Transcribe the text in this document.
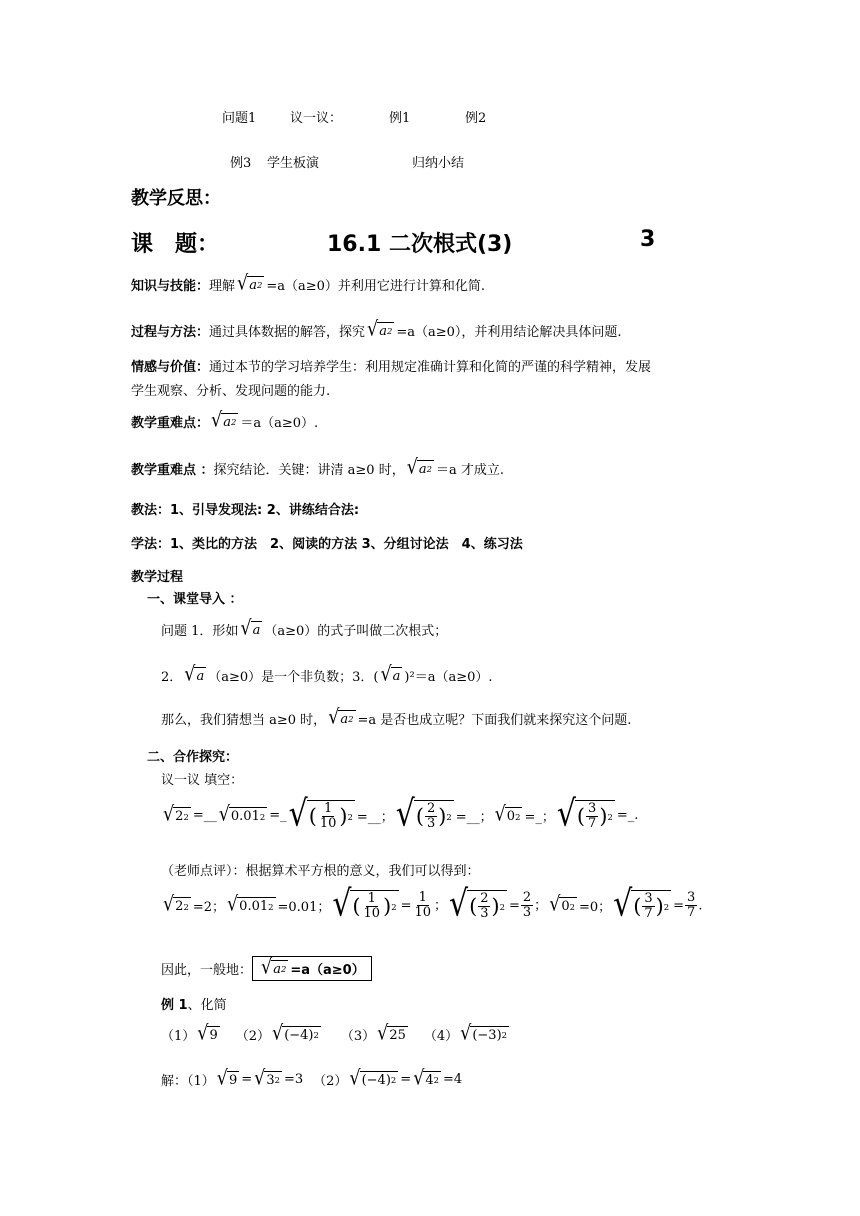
问题1	议一议：	例1	例2
例3 学生板演	归纳小结
教学反思：
课　题：	16.1 二次根式(3)	3
知识与技能： 理解 √ a 2 =a（a≥0）并利用它进行计算和化简.
过程与方法： 通过具体数据的解答，探究 √ a 2 =a（a≥0），并利用结论解决具体问题.
情感与价值： 通过本节的学习培养学生：利用规定准确计算和化简的严谨的科学精神，发展
学生观察、分析、发现问题的能力.
教学重难点： √ a 2 ＝a（a≥0）.
教学重难点 ： 探究结论．关键：讲清 a≥0 时， √ a 2 ＝a 才成立.
教法：1、引导发现法: 2、讲练结合法:
学法：1、类比的方法　2、阅读的方法 3、分组讨论法　4、练习法
教学过程
一、课堂导入 ：
问题 1．形如 √ a （a≥0）的式子叫做二次根式；
2． √ a （a≥0）是一个非负数；3．( √ a )²＝a（a≥0）.
那么，我们猜想当 a≥0 时， √ a 2 =a 是否也成立呢？下面我们就来探究这个问题.
二、合作探究：
议一议 填空：
√ 2 2 =__ √ 0.01 2 =_ √ ( $\frac{1}{10}$ ) 2 =__； √ ( $\frac{2}{3}$ ) 2 =__； √ 0 2 =_； √ ( $\frac{3}{7}$ ) 2 =_.
（老师点评）：根据算术平方根的意义，我们可以得到：
√ 2 2 =2； √ 0.01 2 =0.01； √ ( $\frac{1}{10}$ ) $2 = \frac{1}{10}$ ； √ ( $\frac{2}{3}$ ) $2 = \frac{2}{3}$ ； √ 0 2 =0； √ ( $\frac{3}{7}$ ) $2 = \frac{3}{7}$ .
因此，一般地： √ a 2 =a（a≥0）
例 1 、化简
（1） √ 9 （2） √ (−4) 2 （3） √ 25 （4） √ (−3) 2
解：（1） √ 9 = √ 3 2 =3 （2） √ (−4) 2 = √ 4 2 =4
